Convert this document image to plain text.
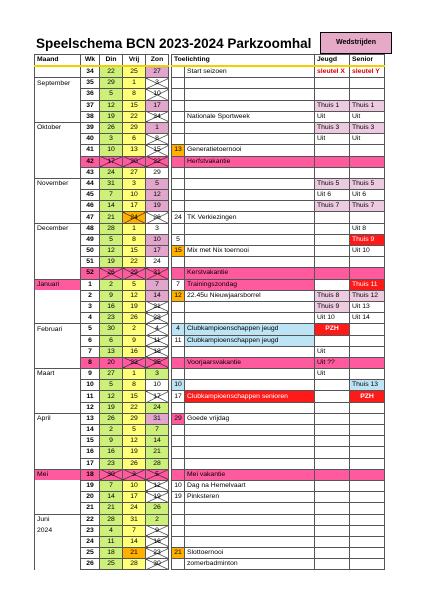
Speelschema BCN 2023-2024 Parkzoomhal	Wedstrijden
Maand	Wk	Din	Vrij	Zon		Toelichting		Jeugd	Senior
	34	22	25	27			Start seizoen	sleutel X	sleutel Y
September	35	29	1	3					
	36	5	8	10					
	37	12	15	17				Thuis 1	Thuis 1
	38	19	22	24			Nationale Sportweek	Uit	Uit
Oktober	39	26	29	1				Thuis 3	Thuis 3
	40	3	6	8				Uit	Uit
	41	10	13	15		13	Generatietoernooi		
	42	17	20	22			Herfstvakantie		
	43	24	27	29					
November	44	31	3	5				Thuis 5	Thuis 5
	45	7	10	12				Uit 6	Uit 6
	46	14	17	19				Thuis 7	Thuis 7
	47	21	24	26		24	TK Verkiezingen		
December	48	28	1	3					Uit 8
	49	5	8	10		5			Thuis 9
	50	12	15	17		15	Mix met Nix toernooi		Uit 10
	51	19	22	24					
	52	26	29	31			Kerstvakantie		
Januari	1	2	5	7		7	Trainingszondag		Thuis 11
	2	9	12	14		12	22.45u Nieuwjaarsborrel	Thuis 8	Thuis 12
	3	16	19	21				Thuis 9	Uit 13
	4	23	26	28				Uit 10	Uit 14
Februari	5	30	2	4		4	Clubkampioenschappen jeugd	PZH	
	6	6	9	11		11	Clubkampioenschappen jeugd		
	7	13	16	18				Uit	
	8	20	23	25			Voorjaarsvakantie	Uit ??	
Maart	9	27	1	3				Uit	
	10	5	8	10		10			Thuis 13
	11	12	15	17		17	Clubkampioenschappen senioren		PZH
	12	19	22	24					
April	13	26	29	31		29	Goede vrijdag		
	14	2	5	7					
	15	9	12	14					
	16	16	19	21					
	17	23	26	28					
Mei	18	30	3	5			Mei vakantie		
	19	7	10	12		10	Dag na Hemelvaart		
	20	14	17	19		19	Pinksteren		
	21	21	24	26					
Juni	22	28	31	2					
2024	23	4	7	9					
	24	11	14	16					
	25	18	21	23		21	Slottoernooi		
	26	25	28	30			zomerbadminton		
